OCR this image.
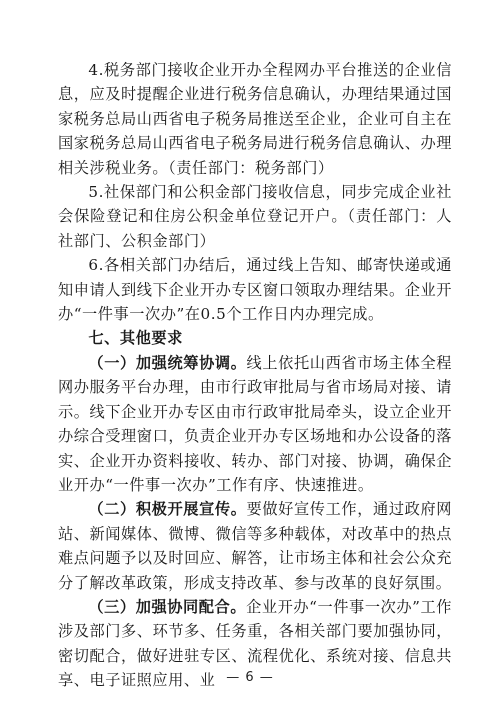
4.税务部门接收企业开办全程网办平台推送的企业信息，应及时提醒企业进行税务信息确认，办理结果通过国家税务总局山西省电子税务局推送至企业，企业可自主在国家税务总局山西省电子税务局进行税务信息确认、办理相关涉税业务。（责任部门：税务部门）

5.社保部门和公积金部门接收信息，同步完成企业社会保险登记和住房公积金单位登记开户。（责任部门：人社部门、公积金部门）

6.各相关部门办结后，通过线上告知、邮寄快递或通知申请人到线下企业开办专区窗口领取办理结果。企业开办“一件事一次办”在0.5个工作日内办理完成。

七、其他要求

（一）加强统筹协调。线上依托山西省市场主体全程网办服务平台办理，由市行政审批局与省市场局对接、请示。线下企业开办专区由市行政审批局牵头，设立企业开办综合受理窗口，负责企业开办专区场地和办公设备的落实、企业开办资料接收、转办、部门对接、协调，确保企业开办“一件事一次办”工作有序、快速推进。

（二）积极开展宣传。要做好宣传工作，通过政府网站、新闻媒体、微博、微信等多种载体，对改革中的热点难点问题予以及时回应、解答，让市场主体和社会公众充分了解改革政策，形成支持改革、参与改革的良好氛围。

（三）加强协同配合。企业开办“一件事一次办”工作涉及部门多、环节多、任务重，各相关部门要加强协同，密切配合，做好进驻专区、流程优化、系统对接、信息共享、电子证照应用、业 — 6 —
